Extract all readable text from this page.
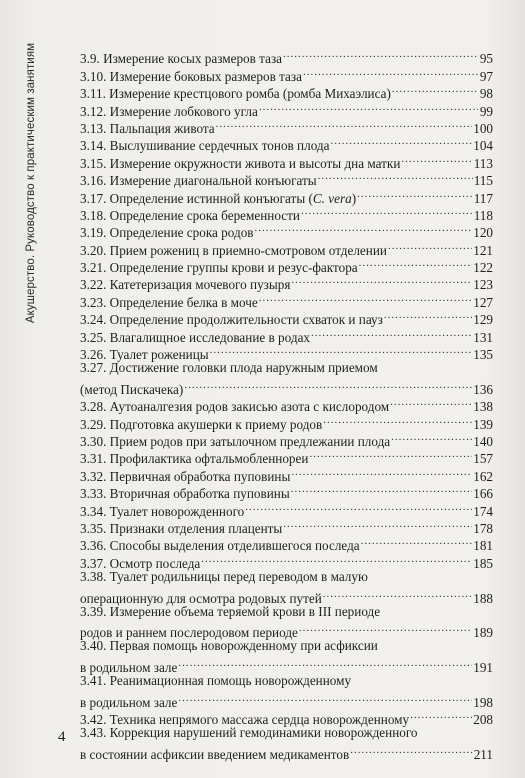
Акушерство. Руководство к практическим занятиям	3.9. Измерение косых размеров таза .....	95
3.10. Измерение боковых размеров таза .....	97
3.11. Измерение крестцового ромба (ромба Михаэлиса) .....	98
3.12. Измерение лобкового угла .....	99
3.13. Пальпация живота .....	100
3.14. Выслушивание сердечных тонов плода .....	104
3.15. Измерение окружности живота и высоты дна матки .....	113
3.16. Измерение диагональной конъюгаты .....	115
3.17. Определение истинной конъюгаты (C. vera) .....	117
3.18. Определение срока беременности .....	118
3.19. Определение срока родов .....	120
3.20. Прием рожениц в приемно-смотровом отделении .....	121
3.21. Определение группы крови и резус-фактора .....	122
3.22. Катетеризация мочевого пузыря .....	123
3.23. Определение белка в моче .....	127
3.24. Определение продолжительности схваток и пауз .....	129
3.25. Влагалищное исследование в родах .....	131
3.26. Туалет роженицы .....	135
3.27. Достижение головки плода наружным приемом
(метод Пискачека) .....	136
3.28. Аутоаналгезия родов закисью азота с кислородом .....	138
3.29. Подготовка акушерки к приему родов .....	139
3.30. Прием родов при затылочном предлежании плода .....	140
3.31. Профилактика офтальмобленнореи .....	157
3.32. Первичная обработка пуповины .....	162
3.33. Вторичная обработка пуповины .....	166
3.34. Туалет новорожденного .....	174
3.35. Признаки отделения плаценты .....	178
3.36. Способы выделения отделившегося последа .....	181
3.37. Осмотр последа .....	185
3.38. Туалет родильницы перед переводом в малую
операционную для осмотра родовых путей .....	188
3.39. Измерение объема теряемой крови в III периоде
родов и раннем послеродовом периоде .....	189
3.40. Первая помощь новорожденному при асфиксии
в родильном зале .....	191
3.41. Реанимационная помощь новорожденному
в родильном зале .....	198
3.42. Техника непрямого массажа сердца новорожденному .....	208
3.43. Коррекция нарушений гемодинамики новорожденного
в состоянии асфиксии введением медикаментов .....	211
4
